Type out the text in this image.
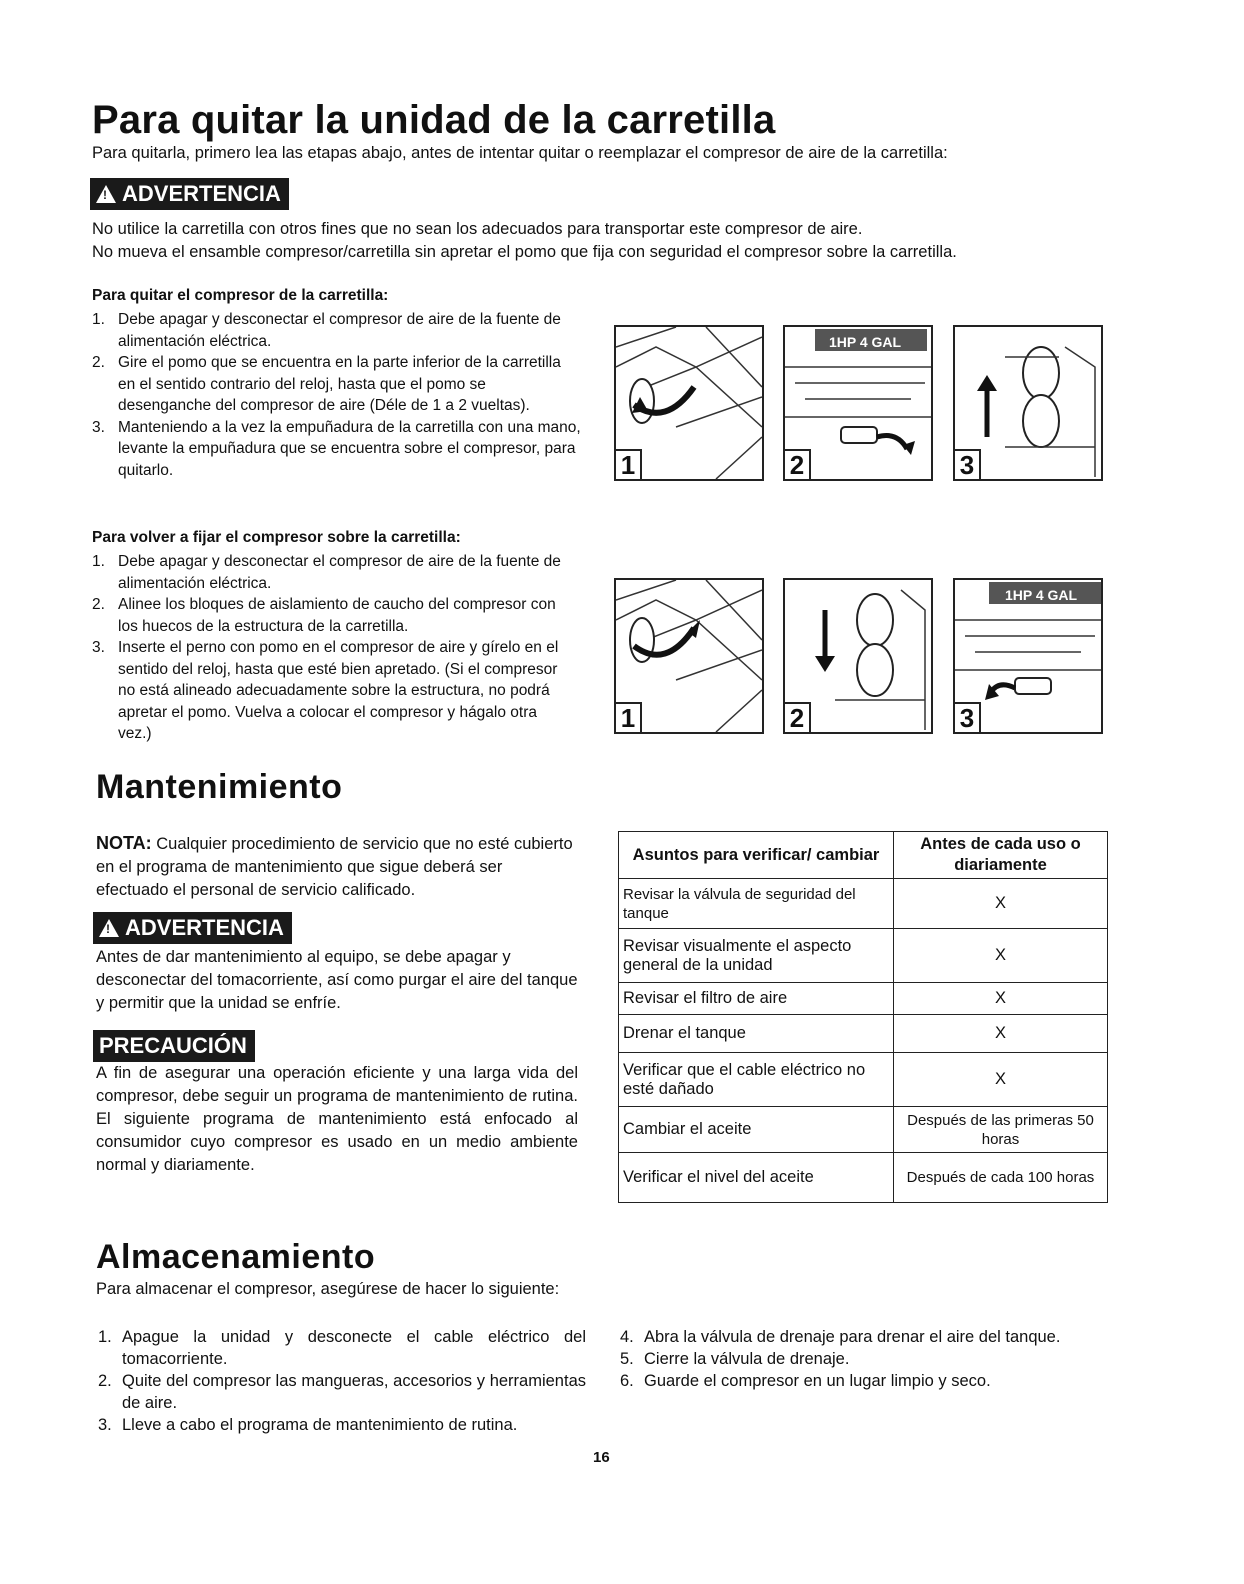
Para quitar la unidad de la carretilla
Para quitarla, primero lea las etapas abajo, antes de intentar quitar o reemplazar el compresor de aire de la carretilla:
!
ADVERTENCIA
No utilice la carretilla con otros fines que no sean los adecuados para transportar este compresor de aire.
No mueva el ensamble compresor/carretilla sin apretar el pomo que fija con seguridad el compresor sobre la carretilla.
Para quitar el compresor de la carretilla:
1. Debe apagar y desconectar el compresor de aire de la fuente de alimentación eléctrica.
2. Gire el pomo que se encuentra en la parte inferior de la carretilla en el sentido contrario del reloj, hasta que el pomo se desenganche del compresor de aire (Déle de 1 a 2 vueltas).
3. Manteniendo a la vez la empuñadura de la carretilla con una mano, levante la empuñadura que se encuentra sobre el compresor, para quitarlo.
Para volver a fijar el compresor sobre la carretilla:
1. Debe apagar y desconectar el compresor de aire de la fuente de alimentación eléctrica.
2. Alinee los bloques de aislamiento de caucho del compresor con los huecos de la estructura de la carretilla.
3. Inserte el perno con pomo en el compresor de aire y gírelo en el sentido del reloj, hasta que esté bien apretado. (Si el compresor no está alineado adecuadamente sobre la estructura, no podrá apretar el pomo. Vuelva a colocar el compresor y hágalo otra vez.)
1
1HP 4 GAL
2	3
1	2
1HP 4 GAL
3
Mantenimiento
NOTA: Cualquier procedimiento de servicio que no esté cubierto en el programa de mantenimiento que sigue deberá ser efectuado el personal de servicio calificado.
!
ADVERTENCIA
Antes de dar mantenimiento al equipo, se debe apagar y desconectar del tomacorriente, así como purgar el aire del tanque y permitir que la unidad se enfríe.
PRECAUCIÓN
A fin de asegurar una operación eficiente y una larga vida del compresor, debe seguir un programa de mantenimiento de rutina. El siguiente programa de mantenimiento está enfocado al consumidor cuyo compresor es usado en un medio ambiente normal y diariamente.
Asuntos para verificar/ cambiar	Antes de cada uso o diariamente
Revisar la válvula de seguridad del tanque	X
Revisar visualmente el aspecto general de la unidad	X
Revisar el filtro de aire	X
Drenar el tanque	X
Verificar que el cable eléctrico no esté dañado	X
Cambiar el aceite	Después de las primeras 50 horas
Verificar el nivel del aceite	Después de cada 100 horas
Almacenamiento
Para almacenar el compresor, asegúrese de hacer lo siguiente:
1. Apague la unidad y desconecte el cable eléctrico del tomacorriente.
2. Quite del compresor las mangueras, accesorios y herramientas de aire.
3. Lleve a cabo el programa de mantenimiento de rutina.
4. Abra la válvula de drenaje para drenar el aire del tanque.
5. Cierre la válvula de drenaje.
6. Guarde el compresor en un lugar limpio y seco.
16
